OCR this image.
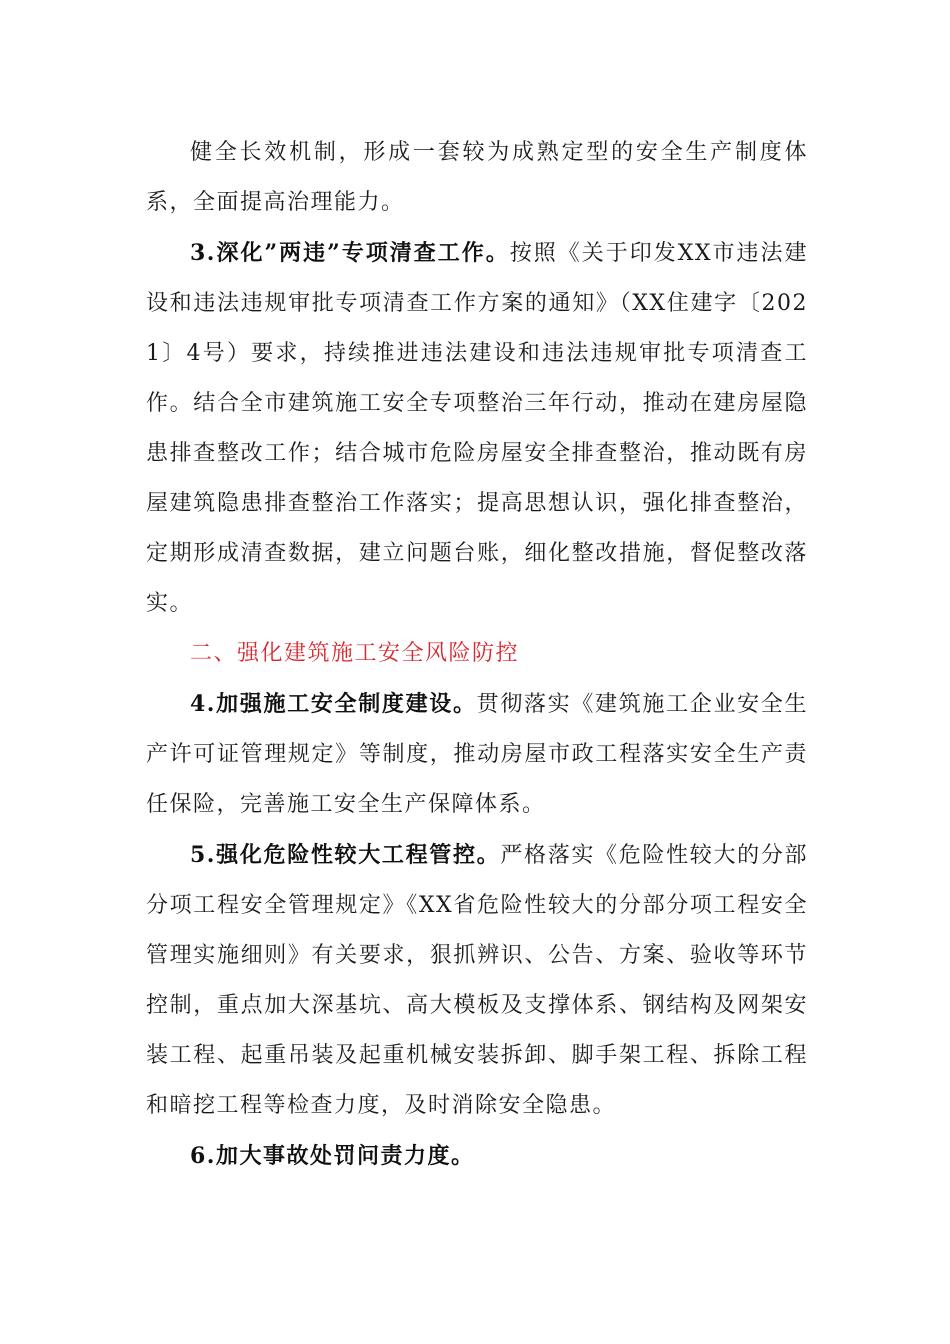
健全长效机制，形成一套较为成熟定型的安全生产制度体系，全面提高治理能力。

3.深化”两违”专项清查工作。按照《关于印发XX市违法建设和违法违规审批专项清查工作方案的通知》（XX住建字〔2021〕4号）要求，持续推进违法建设和违法违规审批专项清查工作。结合全市建筑施工安全专项整治三年行动，推动在建房屋隐患排查整改工作；结合城市危险房屋安全排查整治，推动既有房屋建筑隐患排查整治工作落实；提高思想认识，强化排查整治，定期形成清查数据，建立问题台账，细化整改措施，督促整改落实。

二、强化建筑施工安全风险防控

4.加强施工安全制度建设。贯彻落实《建筑施工企业安全生产许可证管理规定》等制度，推动房屋市政工程落实安全生产责任保险，完善施工安全生产保障体系。

5.强化危险性较大工程管控。严格落实《危险性较大的分部分项工程安全管理规定》《XX省危险性较大的分部分项工程安全管理实施细则》有关要求，狠抓辨识、公告、方案、验收等环节控制，重点加大深基坑、高大模板及支撑体系、钢结构及网架安装工程、起重吊装及起重机械安装拆卸、脚手架工程、拆除工程和暗挖工程等检查力度，及时消除安全隐患。

6.加大事故处罚问责力度。
